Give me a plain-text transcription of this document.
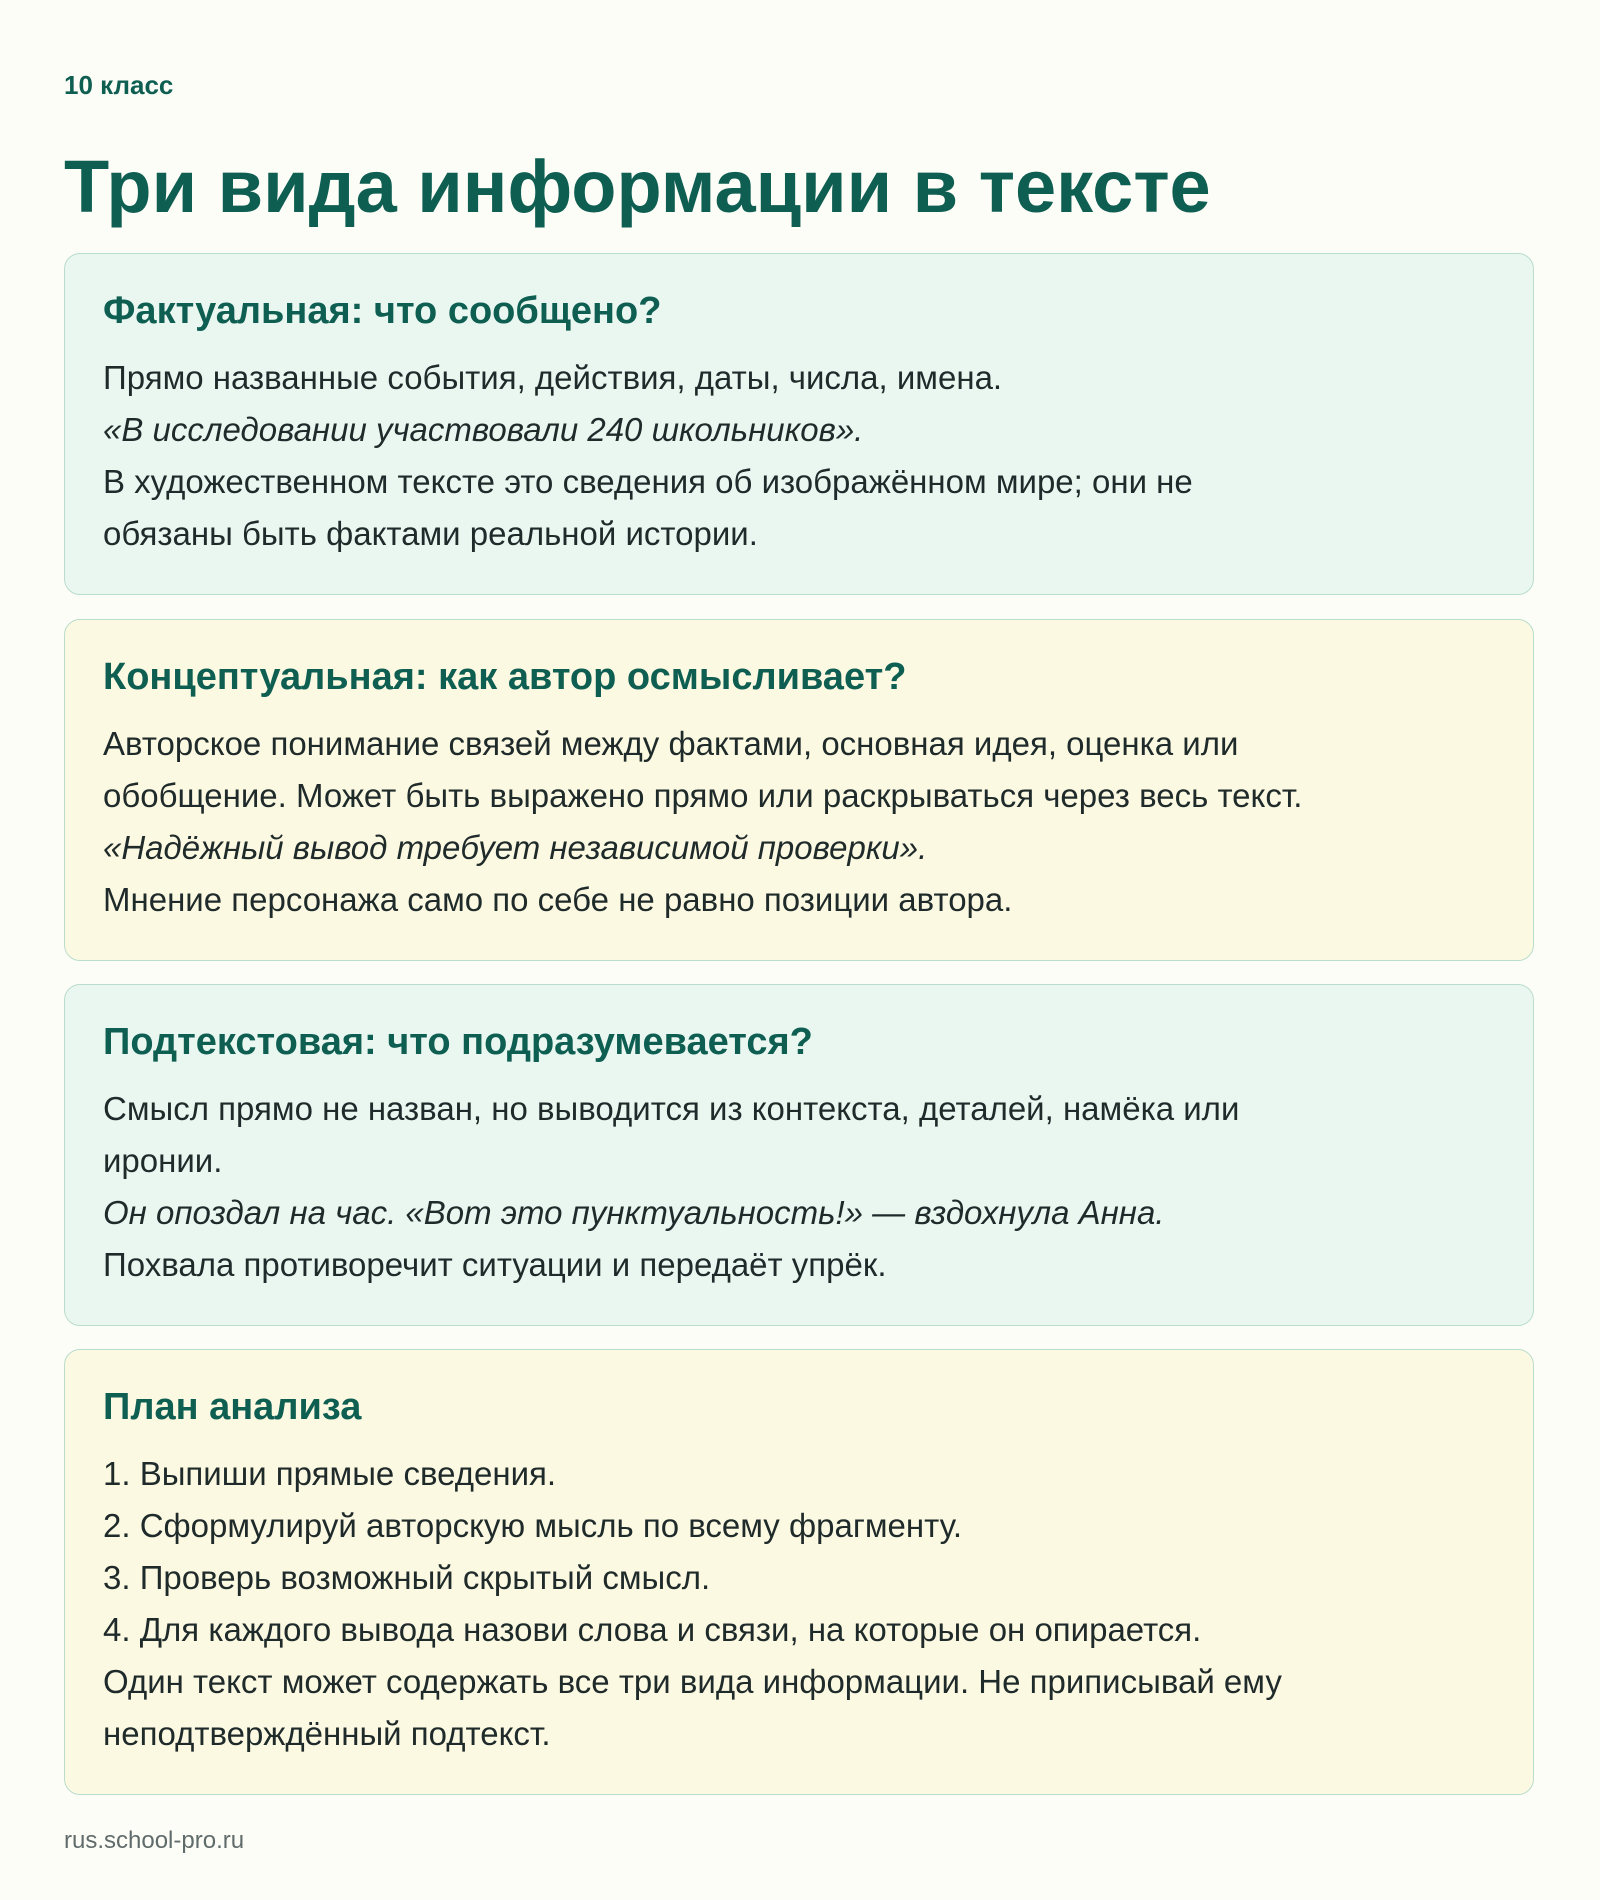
10 класс

Три вида информации в тексте
Фактуальная: что сообщено?

Прямо названные события, действия, даты, числа, имена.

«В исследовании участвовали 240 школьников».

В художественном тексте это сведения об изображённом мире; они не

обязаны быть фактами реальной истории.

Концептуальная: как автор осмысливает?

Авторское понимание связей между фактами, основная идея, оценка или

обобщение. Может быть выражено прямо или раскрываться через весь текст.

«Надёжный вывод требует независимой проверки».

Мнение персонажа само по себе не равно позиции автора.

Подтекстовая: что подразумевается?

Смысл прямо не назван, но выводится из контекста, деталей, намёка или

иронии.

Он опоздал на час. «Вот это пунктуальность!» — вздохнула Анна.

Похвала противоречит ситуации и передаёт упрёк.

План анализа

1. Выпиши прямые сведения.

2. Сформулируй авторскую мысль по всему фрагменту.

3. Проверь возможный скрытый смысл.

4. Для каждого вывода назови слова и связи, на которые он опирается.

Один текст может содержать все три вида информации. Не приписывай ему

неподтверждённый подтекст.

rus.school-pro.ru
